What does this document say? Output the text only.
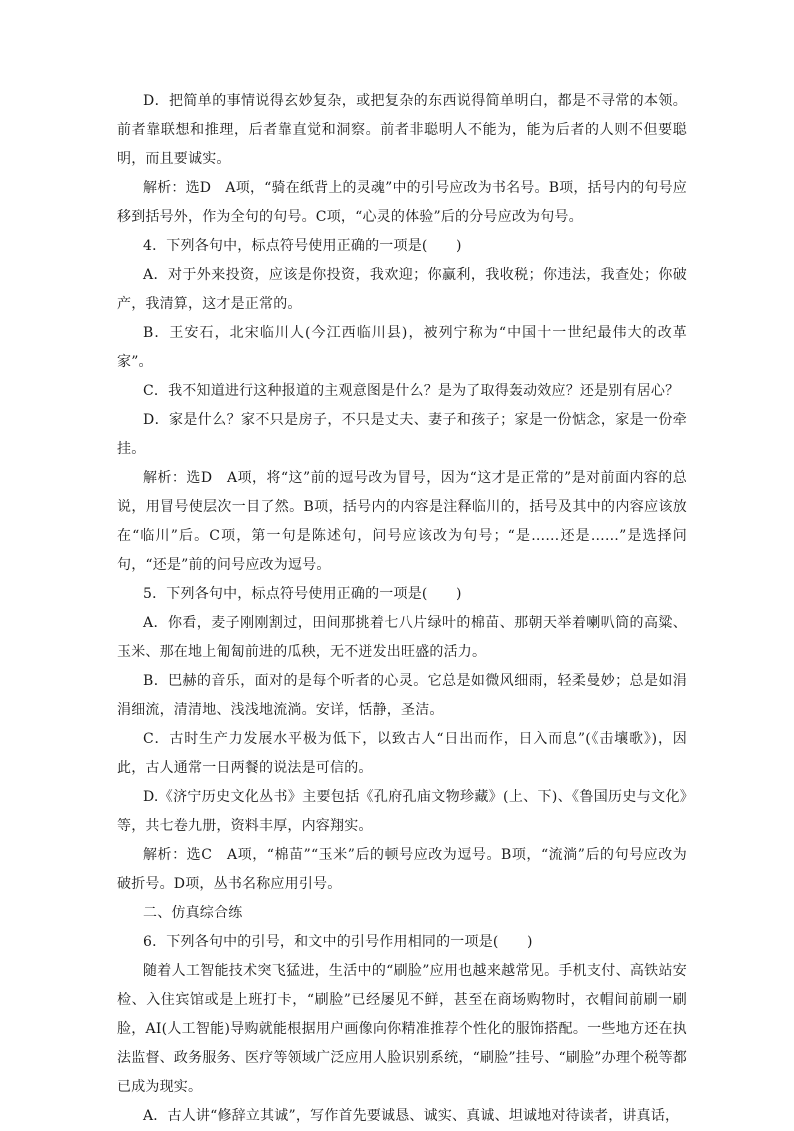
D．把简单的事情说得玄妙复杂，或把复杂的东西说得简单明白，都是不寻常的本领。前者靠联想和推理，后者靠直觉和洞察。前者非聪明人不能为，能为后者的人则不但要聪明，而且要诚实。

解析：选D　A项，“骑在纸背上的灵魂”中的引号应改为书名号。B项，括号内的句号应移到括号外，作为全句的句号。C项，“心灵的体验”后的分号应改为句号。

4．下列各句中，标点符号使用正确的一项是(　　)

A．对于外来投资，应该是你投资，我欢迎；你赢利，我收税；你违法，我查处；你破产，我清算，这才是正常的。

B．王安石，北宋临川人(今江西临川县)，被列宁称为“中国十一世纪最伟大的改革家”。

C．我不知道进行这种报道的主观意图是什么？是为了取得轰动效应？还是别有居心？

D．家是什么？家不只是房子，不只是丈夫、妻子和孩子；家是一份惦念，家是一份牵挂。

解析：选D　A项，将“这”前的逗号改为冒号，因为“这才是正常的”是对前面内容的总说，用冒号使层次一目了然。B项，括号内的内容是注释临川的，括号及其中的内容应该放在“临川”后。C项，第一句是陈述句，问号应该改为句号；“是……还是……”是选择问句，“还是”前的问号应改为逗号。

5．下列各句中，标点符号使用正确的一项是(　　)

A．你看，麦子刚刚割过，田间那挑着七八片绿叶的棉苗、那朝天举着喇叭筒的高粱、玉米、那在地上匍匐前进的瓜秧，无不迸发出旺盛的活力。

B．巴赫的音乐，面对的是每个听者的心灵。它总是如微风细雨，轻柔曼妙；总是如涓涓细流，清清地、浅浅地流淌。安详，恬静，圣洁。

C．古时生产力发展水平极为低下，以致古人“日出而作，日入而息”(《击壤歌》)，因此，古人通常一日两餐的说法是可信的。

D.《济宁历史文化丛书》主要包括《孔府孔庙文物珍藏》(上、下)、《鲁国历史与文化》等，共七卷九册，资料丰厚，内容翔实。

解析：选C　A项，“棉苗”“玉米”后的顿号应改为逗号。B项，“流淌”后的句号应改为破折号。D项，丛书名称应用引号。

二、仿真综合练

6．下列各句中的引号，和文中的引号作用相同的一项是(　　)

随着人工智能技术突飞猛进，生活中的“刷脸”应用也越来越常见。手机支付、高铁站安检、入住宾馆或是上班打卡，“刷脸”已经屡见不鲜，甚至在商场购物时，衣帽间前刷一刷脸，AI(人工智能)导购就能根据用户画像向你精准推荐个性化的服饰搭配。一些地方还在执法监督、政务服务、医疗等领域广泛应用人脸识别系统，“刷脸”挂号、“刷脸”办理个税等都已成为现实。

A．古人讲“修辞立其诚”，写作首先要诚恳、诚实、真诚、坦诚地对待读者，讲真话，
